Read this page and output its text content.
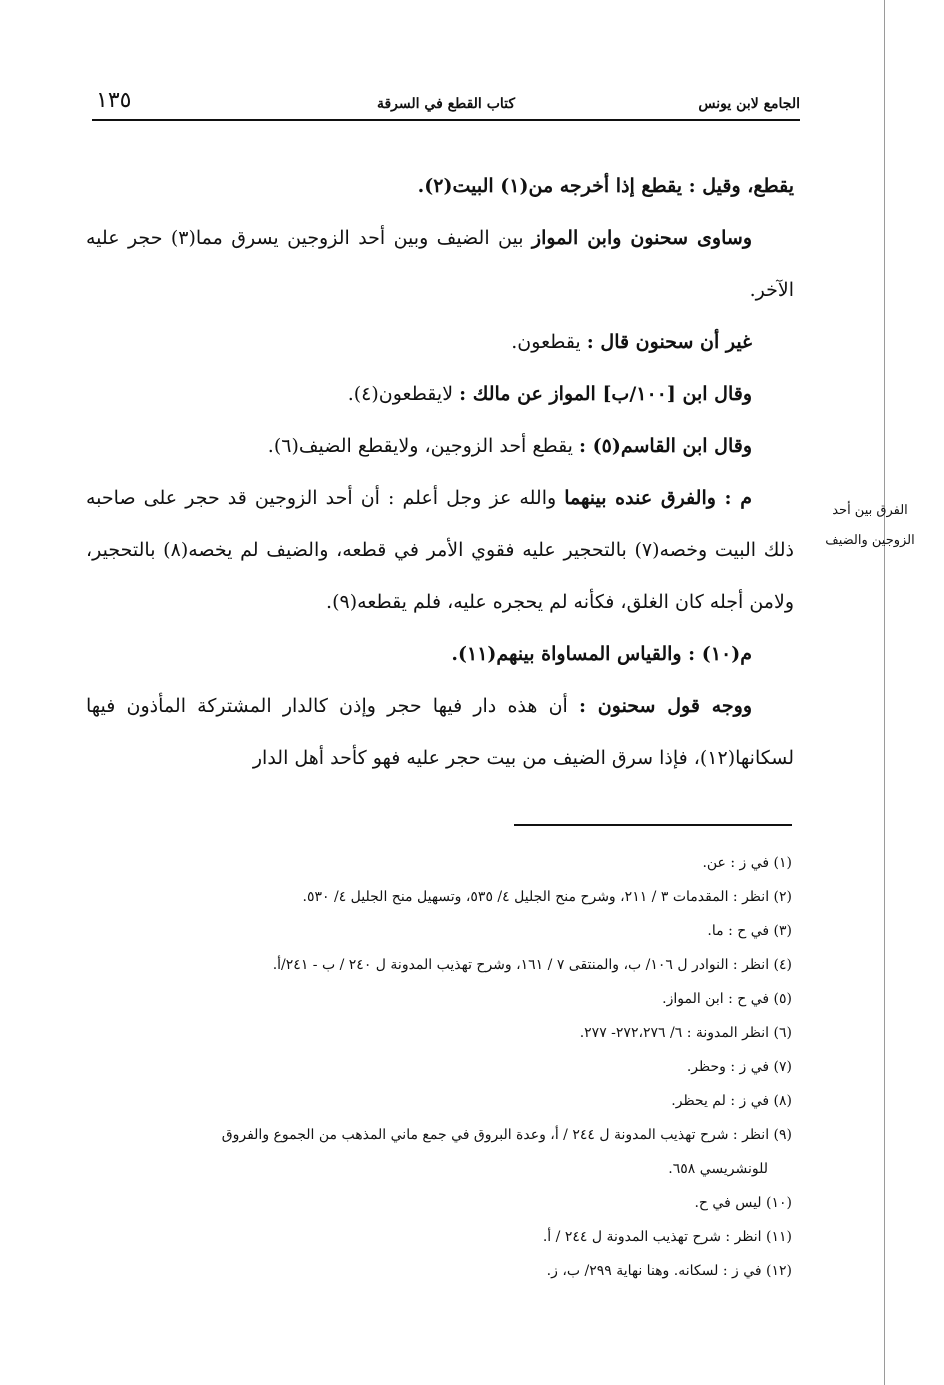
الجامع لابن يونس
كتاب القطع في السرقة
١٣٥

يقطع، وقيل : يقطع إذا أخرجه من(١) البيت(٢).

وساوى سحنون وابن المواز بين الضيف وبين أحد الزوجين يسرق مما(٣) حجر عليه الآخر.

غير أن سحنون قال : يقطعون.

وقال ابن [١٠٠/ب] المواز عن مالك : لايقطعون(٤).

وقال ابن القاسم(٥) : يقطع أحد الزوجين، ولايقطع الضيف(٦).

م : والفرق عنده بينهما والله عز وجل أعلم : أن أحد الزوجين قد حجر على صاحبه ذلك البيت وخصه(٧) بالتحجير عليه فقوي الأمر في قطعه، والضيف لم يخصه(٨) بالتحجير، ولامن أجله كان الغلق، فكأنه لم يحجره عليه، فلم يقطعه(٩).

م(١٠) : والقياس المساواة بينهم(١١).

ووجه قول سحنون : أن هذه دار فيها حجر وإذن كالدار المشتركة المأذون فيها لسكانها(١٢)، فإذا سرق الضيف من بيت حجر عليه فهو كأحد أهل الدار

الفرق بين أحد
الزوجين والضيف

(١) في ز : عن.

(٢) انظر : المقدمات ٣ / ٢١١، وشرح منح الجليل ٤/ ٥٣٥، وتسهيل منح الجليل ٤/ ٥٣٠.

(٣) في ح : ما.

(٤) انظر : النوادر ل ١٠٦/ ب، والمنتقى ٧ / ١٦١، وشرح تهذيب المدونة ل ٢٤٠ / ب - ٢٤١/أ.

(٥) في ح : ابن المواز.

(٦) انظر المدونة : ٦/ ٢٧٢،٢٧٦- ٢٧٧.

(٧) في ز : وحظر.

(٨) في ز : لم يحظر.

(٩) انظر : شرح تهذيب المدونة ل ٢٤٤ / أ، وعدة البروق في جمع ماني المذهب من الجموع والفروق

للونشريسي ٦٥٨.

(١٠) ليس في ح.

(١١) انظر : شرح تهذيب المدونة ل ٢٤٤ / أ.

(١٢) في ز : لسكانه. وهنا نهاية ٢٩٩/ ب، ز.
